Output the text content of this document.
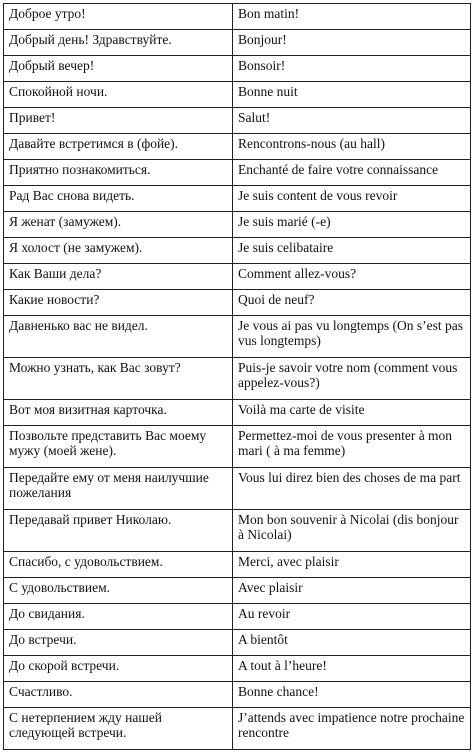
Доброе утро!	Bon matin!
Добрый день! Здравствуйте.	Bonjour!
Добрый вечер!	Bonsoir!
Спокойной ночи.	Bonne nuit
Привет!	Salut!
Давайте встретимся в (фойе).	Rencontrons-nous (au hall)
Приятно познакомиться.	Enchanté de faire votre connaissance
Рад Вас снова видеть.	Je suis content de vous revoir
Я женат (замужем).	Je suis marié (-e)
Я холост (не замужем).	Je suis celibataire
Как Ваши дела?	Comment allez-vous?
Какие новости?	Quoi de neuf?
Давненько вас не видел.	Je vous ai pas vu longtemps (On s’est pas vus longtemps)
Можно узнать, как Вас зовут?	Puis-je savoir votre nom (comment vous appelez-vous?)
Вот моя визитная карточка.	Voilà ma carte de visite
Позвольте представить Вас моему мужу (моей жене).	Permettez-moi de vous presenter à mon mari ( à ma femme)
Передайте ему от меня наилучшие пожелания	Vous lui direz bien des choses de ma part
Передавай привет Николаю.	Mon bon souvenir à Nicolai (dis bonjour à Nicolai)
Спасибо, с удовольствием.	Merci, avec plaisir
С удовольствием.	Avec plaisir
До свидания.	Au revoir
До встречи.	A bientôt
До скорой встречи.	A tout à l’heure!
Счастливо.	Bonne chance!
С нетерпением жду нашей следующей встречи.	J’attends avec impatience notre prochaine rencontre
